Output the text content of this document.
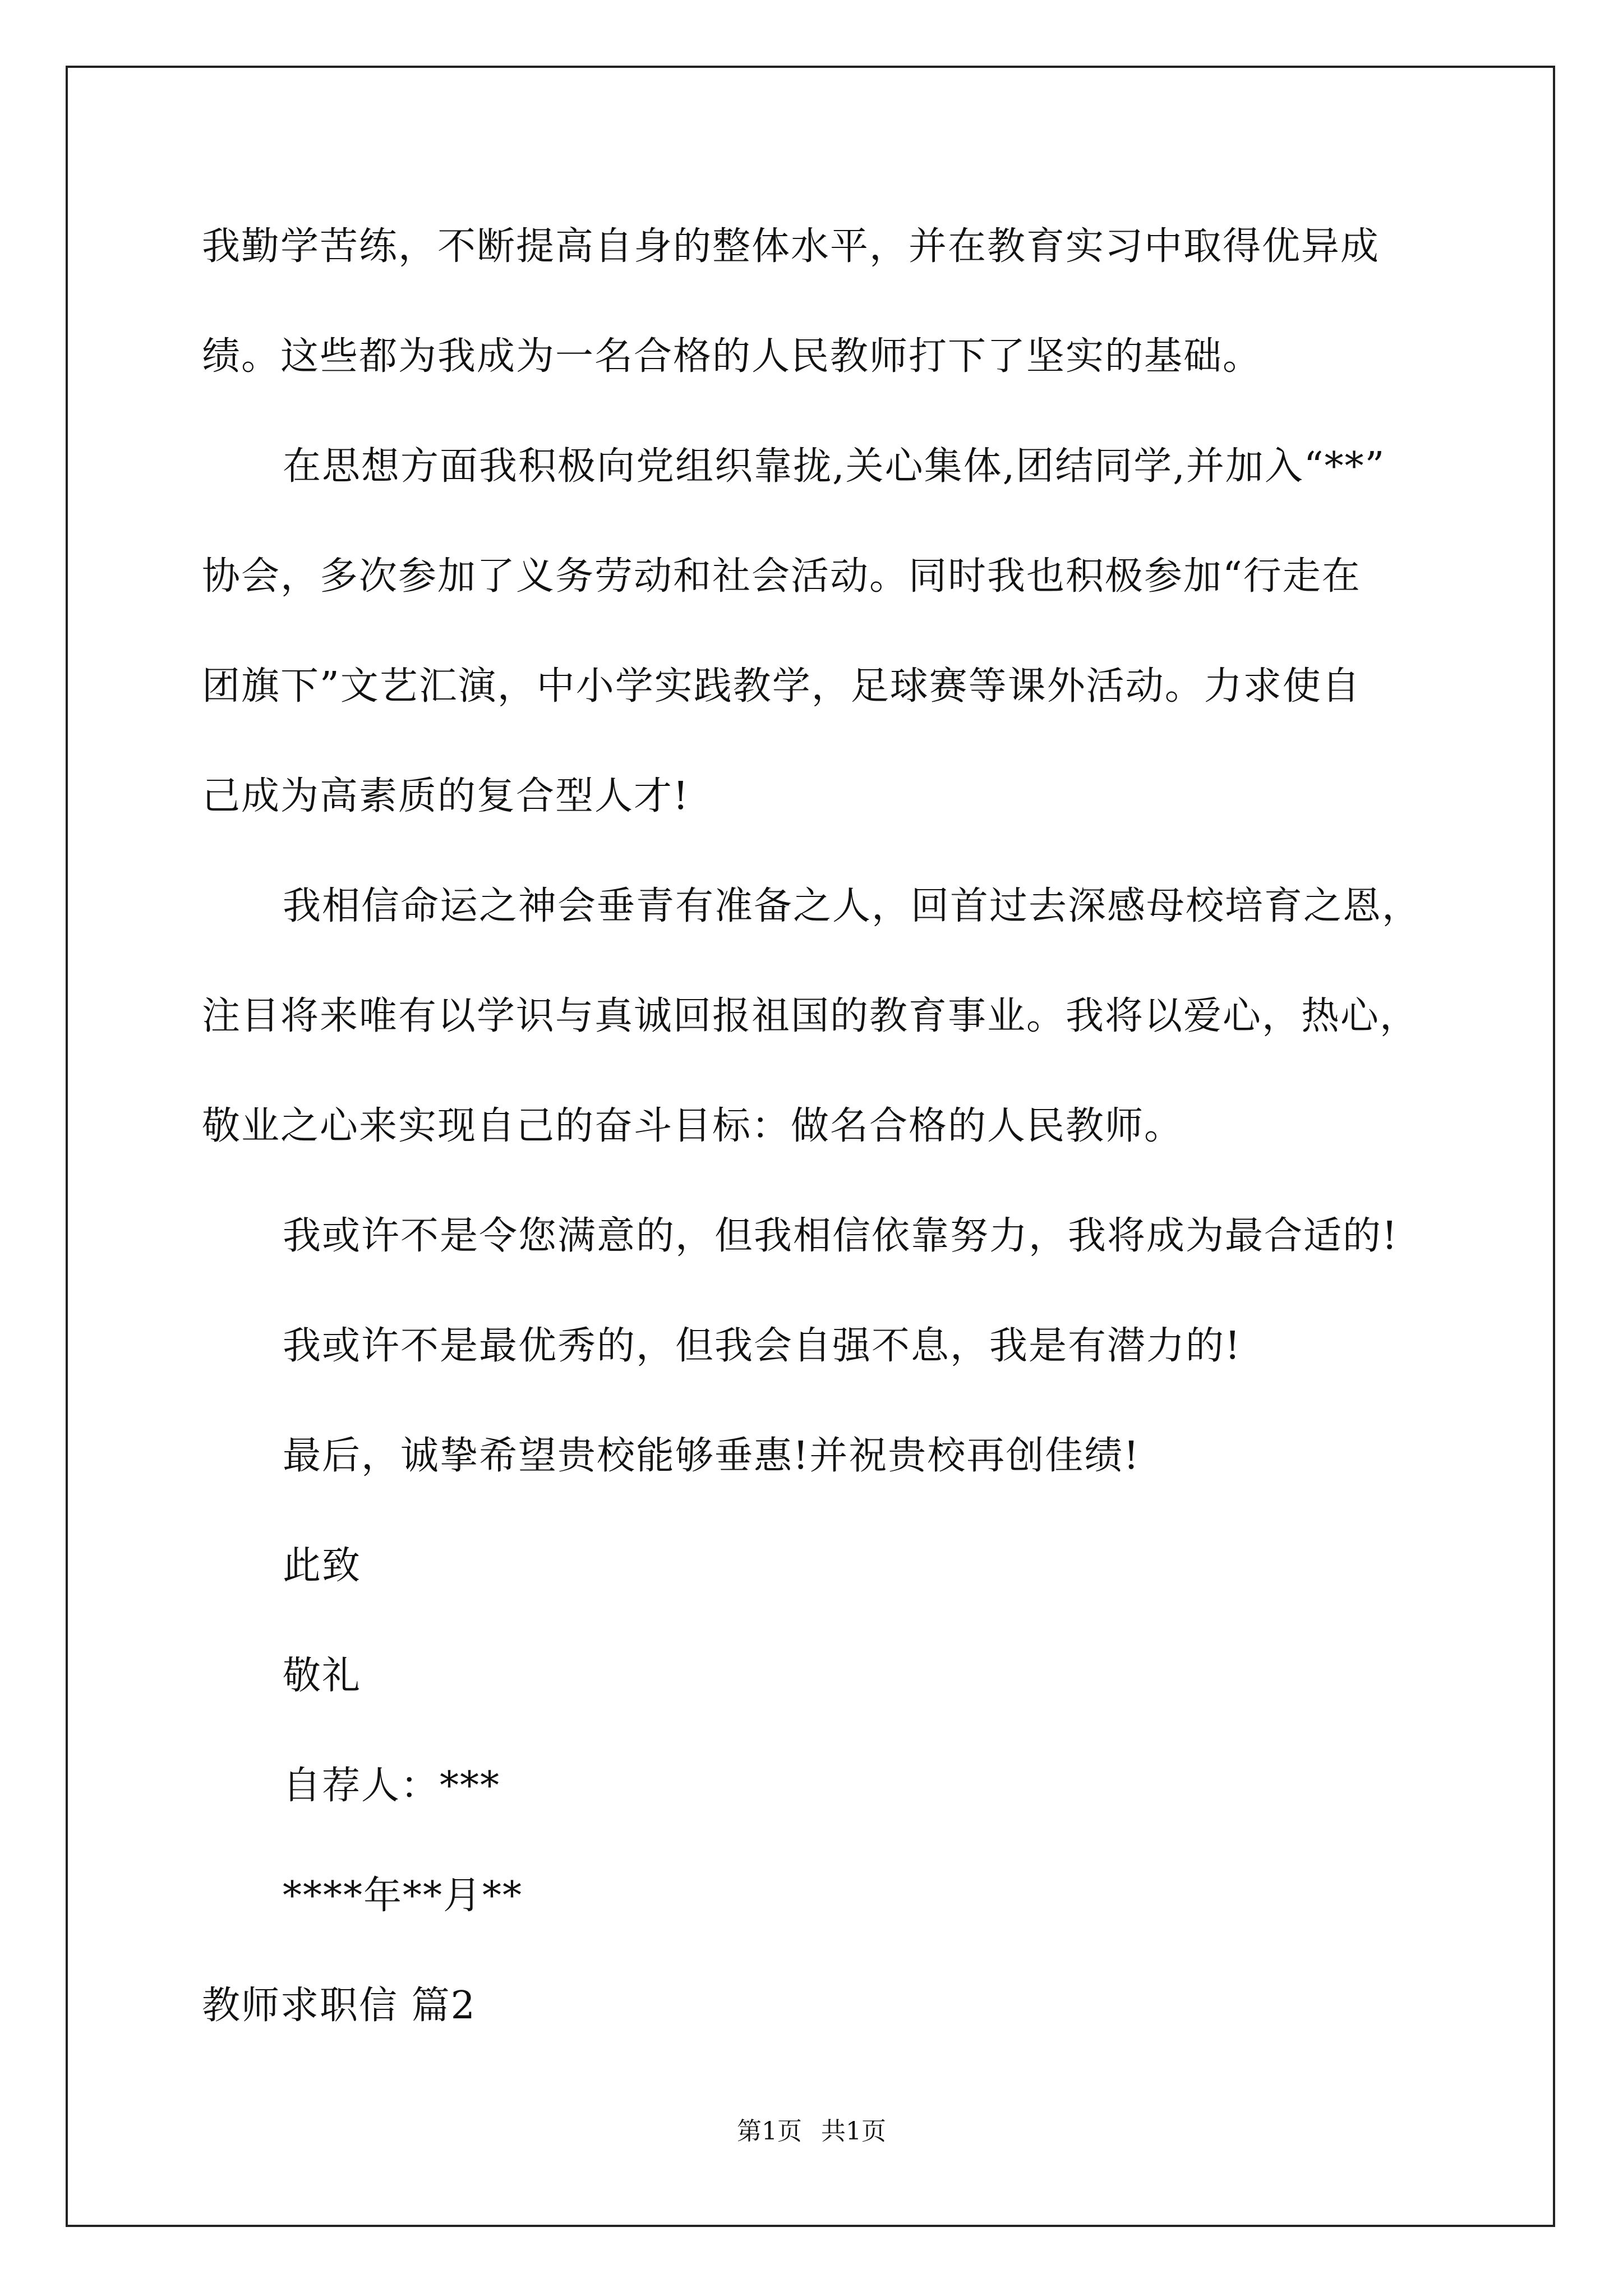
我勤学苦练，不断提高自身的整体水平，并在教育实习中取得优异成
绩。这些都为我成为一名合格的人民教师打下了坚实的基础。
在思想方面我积极向党组织靠拢,关心集体,团结同学,并加入“**”
协会，多次参加了义务劳动和社会活动。同时我也积极参加“行走在
团旗下”文艺汇演，中小学实践教学，足球赛等课外活动。力求使自
己成为高素质的复合型人才!
我相信命运之神会垂青有准备之人，回首过去深感母校培育之恩，
注目将来唯有以学识与真诚回报祖国的教育事业。我将以爱心，热心，
敬业之心来实现自己的奋斗目标：做名合格的人民教师。
我或许不是令您满意的，但我相信依靠努力，我将成为最合适的!
我或许不是最优秀的，但我会自强不息，我是有潜力的!
最后，诚挚希望贵校能够垂惠!并祝贵校再创佳绩!
此致
敬礼
自荐人：***
****年**月**
教师求职信 篇2
第1页 共1页
